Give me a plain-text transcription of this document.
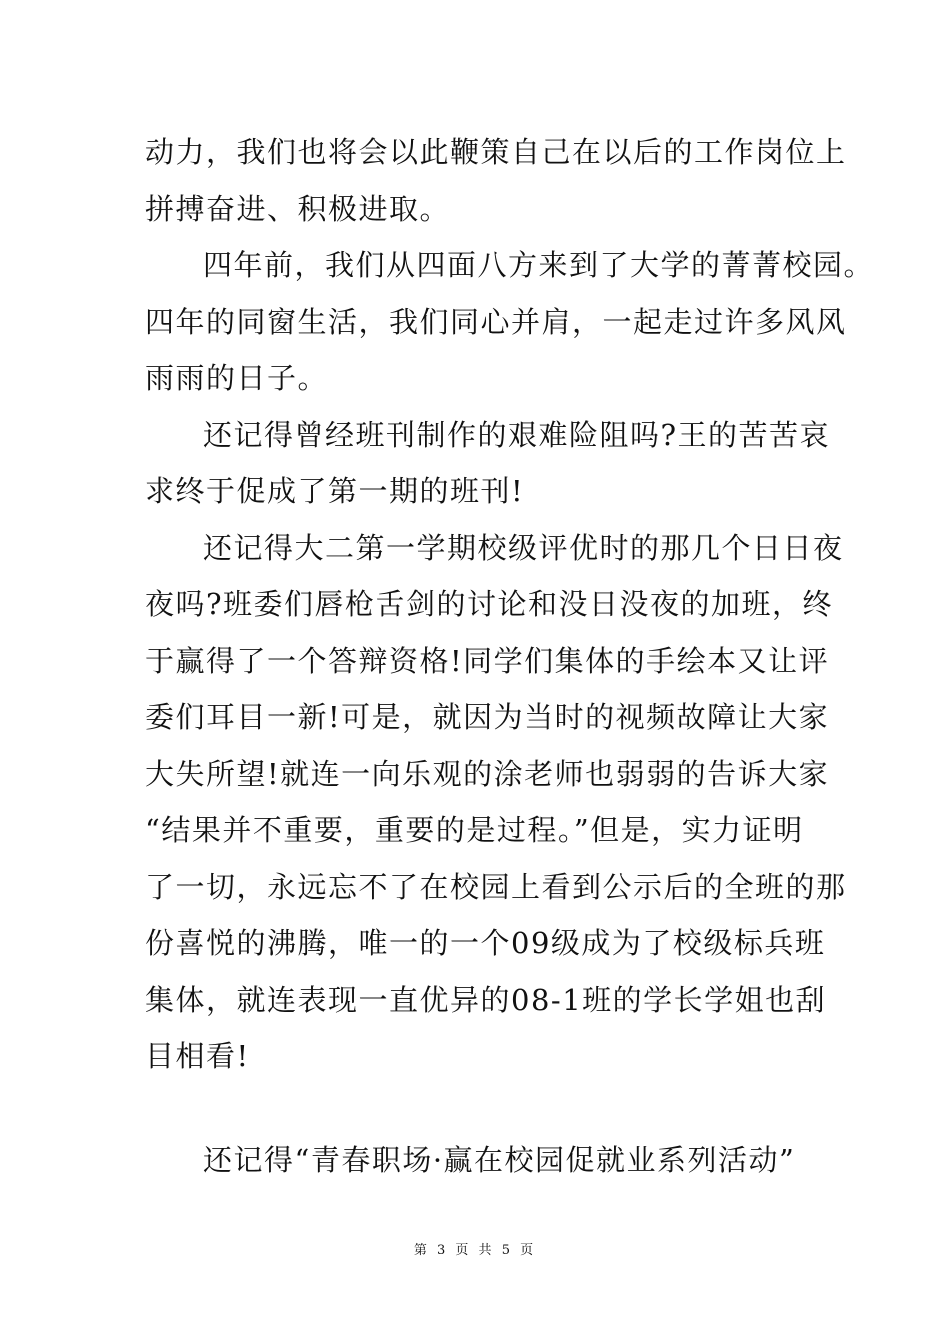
动力，我们也将会以此鞭策自己在以后的工作岗位上
拼搏奋进、积极进取。
四年前，我们从四面八方来到了大学的菁菁校园。
四年的同窗生活，我们同心并肩，一起走过许多风风
雨雨的日子。
还记得曾经班刊制作的艰难险阻吗?王的苦苦哀
求终于促成了第一期的班刊!
还记得大二第一学期校级评优时的那几个日日夜
夜吗?班委们唇枪舌剑的讨论和没日没夜的加班，终
于赢得了一个答辩资格!同学们集体的手绘本又让评
委们耳目一新!可是，就因为当时的视频故障让大家
大失所望!就连一向乐观的涂老师也弱弱的告诉大家
“结果并不重要，重要的是过程。”但是，实力证明
了一切，永远忘不了在校园上看到公示后的全班的那
份喜悦的沸腾，唯一的一个09级成为了校级标兵班
集体，就连表现一直优异的08-1班的学长学姐也刮
目相看!
还记得“青春职场·赢在校园促就业系列活动”
第 3 页 共 5 页
